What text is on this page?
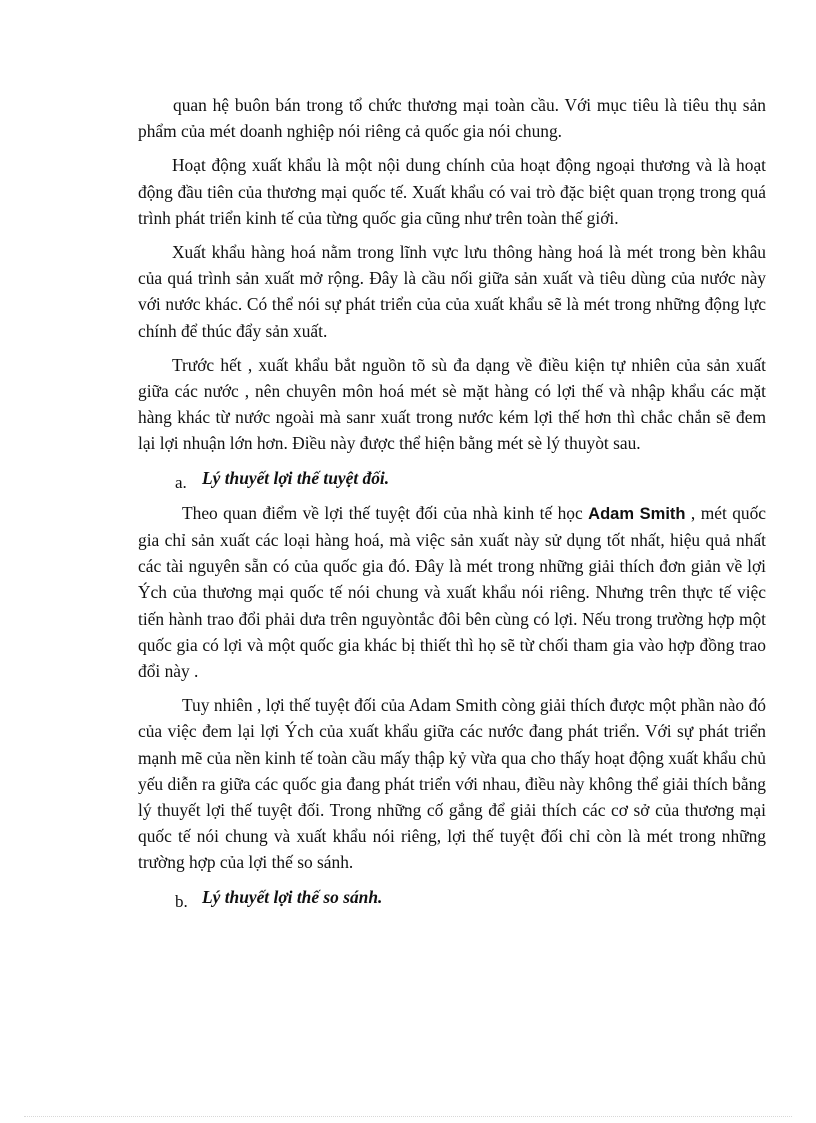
quan hệ buôn bán trong tổ chức thương mại toàn cầu. Với mục tiêu là tiêu thụ sản phẩm của mét doanh nghiệp nói riêng cả quốc gia nói chung.

Hoạt động xuất khẩu là một nội dung chính của hoạt động ngoại thương và là hoạt động đầu tiên của thương mại quốc tế. Xuất khẩu có vai trò đặc biệt quan trọng trong quá trình phát triển kinh tế của từng quốc gia cũng như trên toàn thế giới.

Xuất khẩu hàng hoá nằm trong lĩnh vực lưu thông hàng hoá là mét trong bèn khâu của quá trình sản xuất mở rộng. Đây là cầu nối giữa sản xuất và tiêu dùng của nước này với nước khác. Có thể nói sự phát triển của của xuất khẩu sẽ là mét trong những động lực chính để thúc đẩy sản xuất.

Trước hết , xuất khẩu bắt nguồn tõ sù đa dạng về điều kiện tự nhiên của sản xuất giữa các nước , nên chuyên môn hoá mét sè mặt hàng có lợi thế và nhập khẩu các mặt hàng khác từ nước ngoài mà sanr xuất trong nước kém lợi thế hơn thì chắc chắn sẽ đem lại lợi nhuận lớn hơn. Điều này được thể hiện bằng mét sè lý thuyòt sau.

a. Lý thuyết lợi thế tuyệt đối.

Theo quan điểm về lợi thế tuyệt đối của nhà kinh tế học Adam Smith , mét quốc gia chỉ sản xuất các loại hàng hoá, mà việc sản xuất này sử dụng tốt nhất, hiệu quả nhất các tài nguyên sẵn có của quốc gia đó. Đây là mét trong những giải thích đơn giản về lợi Ých của thương mại quốc tế nói chung và xuất khẩu nói riêng. Nhưng trên thực tế việc tiến hành trao đổi phải dưa trên nguyòntắc đôi bên cùng có lợi. Nếu trong trường hợp một quốc gia có lợi và một quốc gia khác bị thiết thì họ sẽ từ chối tham gia vào hợp đồng trao đổi này .

Tuy nhiên , lợi thế tuyệt đối của Adam Smith còng giải thích được một phần nào đó của việc đem lại lợi Ých của xuất khẩu giữa các nước đang phát triển. Với sự phát triển mạnh mẽ của nền kinh tế toàn cầu mấy thập kỷ vừa qua cho thấy hoạt động xuất khẩu chủ yếu diễn ra giữa các quốc gia đang phát triển với nhau, điều này không thể giải thích bằng lý thuyết lợi thế tuyệt đối. Trong những cố gắng để giải thích các cơ sở của thương mại quốc tế nói chung và xuất khẩu nói riêng, lợi thế tuyệt đối chỉ còn là mét trong những trường hợp của lợi thế so sánh.

b. Lý thuyết lợi thế so sánh.
